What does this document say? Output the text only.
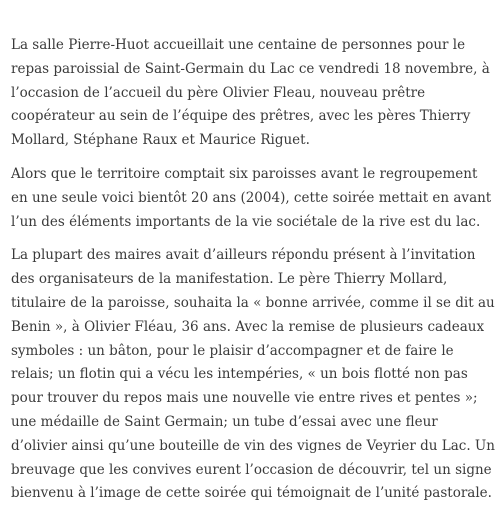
La salle Pierre-Huot accueillait une centaine de personnes pour le repas paroissial de Saint-Germain du Lac ce vendredi 18 novembre, à l’occasion de l’accueil du père Olivier Fleau, nouveau prêtre coopérateur au sein de l’équipe des prêtres, avec les pères Thierry Mollard, Stéphane Raux et Maurice Riguet.

Alors que le territoire comptait six paroisses avant le regroupement en une seule voici bientôt 20 ans (2004), cette soirée mettait en avant l’un des éléments importants de la vie sociétale de la rive est du lac.

La plupart des maires avait d’ailleurs répondu présent à l’invitation des organisateurs de la manifestation. Le père Thierry Mollard, titulaire de la paroisse, souhaita la « bonne arrivée, comme il se dit au Benin », à Olivier Fléau, 36 ans. Avec la remise de plusieurs cadeaux symboles : un bâton, pour le plaisir d’accompagner et de faire le relais; un flotin qui a vécu les intempéries, « un bois flotté non pas pour trouver du repos mais une nouvelle vie entre rives et pentes »; une médaille de Saint Germain; un tube d’essai avec une fleur d’olivier ainsi qu’une bouteille de vin des vignes de Veyrier du Lac. Un breuvage que les convives eurent l’occasion de découvrir, tel un signe bienvenu à l’image de cette soirée qui témoignait de l’unité pastorale.
